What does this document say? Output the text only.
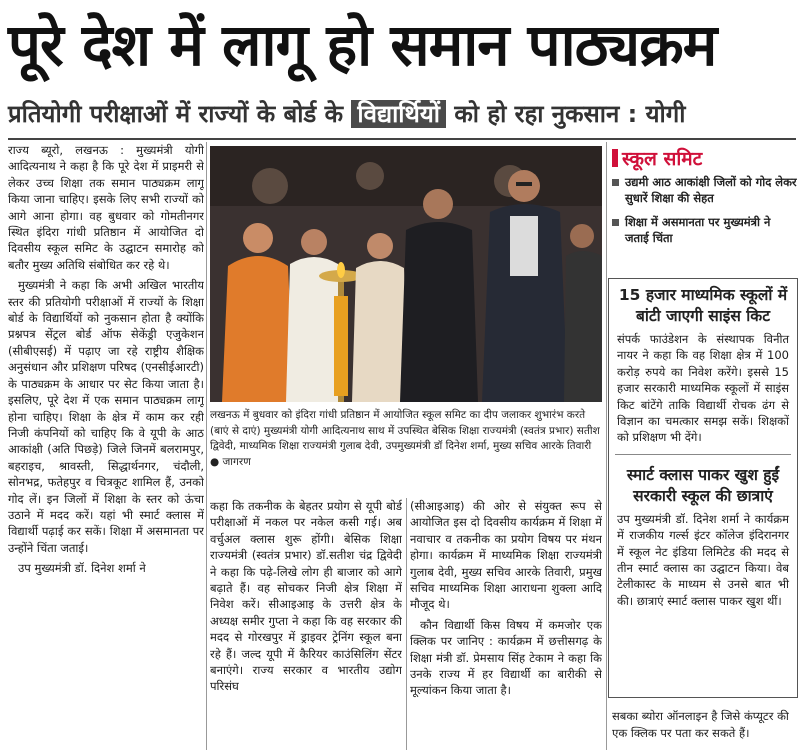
पूरे देश में लागू हो समान पाठ्यक्रम
प्रतियोगी परीक्षाओं में राज्यों के बोर्ड के विद्यार्थियों को हो रहा नुकसान : योगी

राज्य ब्यूरो, लखनऊ : मुख्यमंत्री योगी आदित्यनाथ ने कहा है कि पूरे देश में प्राइमरी से लेकर उच्च शिक्षा तक समान पाठ्यक्रम लागू किया जाना चाहिए। इसके लिए सभी राज्यों को आगे आना होगा। वह बुधवार को गोमतीनगर स्थित इंदिरा गांधी प्रतिष्ठान में आयोजित दो दिवसीय स्कूल समिट के उद्घाटन समारोह को बतौर मुख्य अतिथि संबोधित कर रहे थे।

मुख्यमंत्री ने कहा कि अभी अखिल भारतीय स्तर की प्रतियोगी परीक्षाओं में राज्यों के शिक्षा बोर्ड के विद्यार्थियों को नुकसान होता है क्योंकि प्रश्नपत्र सेंट्रल बोर्ड ऑफ सेकेंड्री एजुकेशन (सीबीएसई) में पढ़ाए जा रहे राष्ट्रीय शैक्षिक अनुसंधान और प्रशिक्षण परिषद (एनसीईआरटी) के पाठ्यक्रम के आधार पर सेट किया जाता है। इसलिए, पूरे देश में एक समान पाठ्यक्रम लागू होना चाहिए। शिक्षा के क्षेत्र में काम कर रही निजी कंपनियों को चाहिए कि वे यूपी के आठ आकांक्षी (अति पिछड़े) जिले जिनमें बलरामपुर, बहराइच, श्रावस्ती, सिद्धार्थनगर, चंदौली, सोनभद्र, फतेहपुर व चित्रकूट शामिल हैं, उनको गोद लें। इन जिलों में शिक्षा के स्तर को ऊंचा उठाने में मदद करें। यहां भी स्मार्ट क्लास में विद्यार्थी पढ़ाई कर सकें। शिक्षा में असमानता पर उन्होंने चिंता जताई।

उप मुख्यमंत्री डॉ. दिनेश शर्मा ने

लखनऊ में बुधवार को इंदिरा गांधी प्रतिष्ठान में आयोजित स्कूल समिट का दीप जलाकर शुभारंभ करते (बाएं से दाएं) मुख्यमंत्री योगी आदित्यनाथ साथ में उपस्थित बेसिक शिक्षा राज्यमंत्री (स्वतंत्र प्रभार) सतीश द्विवेदी, माध्यमिक शिक्षा राज्यमंत्री गुलाब देवी, उपमुख्यमंत्री डॉ दिनेश शर्मा, मुख्य सचिव आरके तिवारी ● जागरण

कहा कि तकनीक के बेहतर प्रयोग से यूपी बोर्ड परीक्षाओं में नकल पर नकेल कसी गई। अब वर्चुअल क्लास शुरू होंगी। बेसिक शिक्षा राज्यमंत्री (स्वतंत्र प्रभार) डॉ.सतीश चंद्र द्विवेदी ने कहा कि पढ़े-लिखे लोग ही बाजार को आगे बढ़ाते हैं। वह सोचकर निजी क्षेत्र शिक्षा में निवेश करें। सीआइआइ के उत्तरी क्षेत्र के अध्यक्ष समीर गुप्ता ने कहा कि वह सरकार की मदद से गोरखपुर में ड्राइवर ट्रेनिंग स्कूल बना रहे हैं। जल्द यूपी में कैरियर काउंसिलिंग सेंटर बनाएंगे। राज्य सरकार व भारतीय उद्योग परिसंघ

(सीआइआइ) की ओर से संयुक्त रूप से आयोजित इस दो दिवसीय कार्यक्रम में शिक्षा में नवाचार व तकनीक का प्रयोग विषय पर मंथन होगा। कार्यक्रम में माध्यमिक शिक्षा राज्यमंत्री गुलाब देवी, मुख्य सचिव आरके तिवारी, प्रमुख सचिव माध्यमिक शिक्षा आराधना शुक्ला आदि मौजूद थे।

कौन विद्यार्थी किस विषय में कमजोर एक क्लिक पर जानिए : कार्यक्रम में छत्तीसगढ़ के शिक्षा मंत्री डॉ. प्रेमसाय सिंह टेकाम ने कहा कि उनके राज्य में हर विद्यार्थी का बारीकी से मूल्यांकन किया जाता है।

स्कूल समिट
उद्यमी आठ आकांक्षी जिलों को गोद लेकर सुधारें शिक्षा की सेहत
शिक्षा में असमानता पर मुख्यमंत्री ने जताई चिंता
15 हजार माध्यमिक स्कूलों में बांटी जाएगी साइंस किट
संपर्क फाउंडेशन के संस्थापक विनीत नायर ने कहा कि वह शिक्षा क्षेत्र में 100 करोड़ रुपये का निवेश करेंगे। इससे 15 हजार सरकारी माध्यमिक स्कूलों में साइंस किट बांटेंगे ताकि विद्यार्थी रोचक ढंग से विज्ञान का चमत्कार समझ सकें। शिक्षकों को प्रशिक्षण भी देंगे।
स्मार्ट क्लास पाकर खुश हुईं सरकारी स्कूल की छात्राएं
उप मुख्यमंत्री डॉ. दिनेश शर्मा ने कार्यक्रम में राजकीय गर्ल्स इंटर कॉलेज इंदिरानगर में स्कूल नेट इंडिया लिमिटेड की मदद से तीन स्मार्ट क्लास का उद्घाटन किया। वेब टेलीकास्ट के माध्यम से उनसे बात भी की। छात्राएं स्मार्ट क्लास पाकर खुश थीं।
सबका ब्योरा ऑनलाइन है जिसे कंप्यूटर की एक क्लिक पर पता कर सकते हैं।
